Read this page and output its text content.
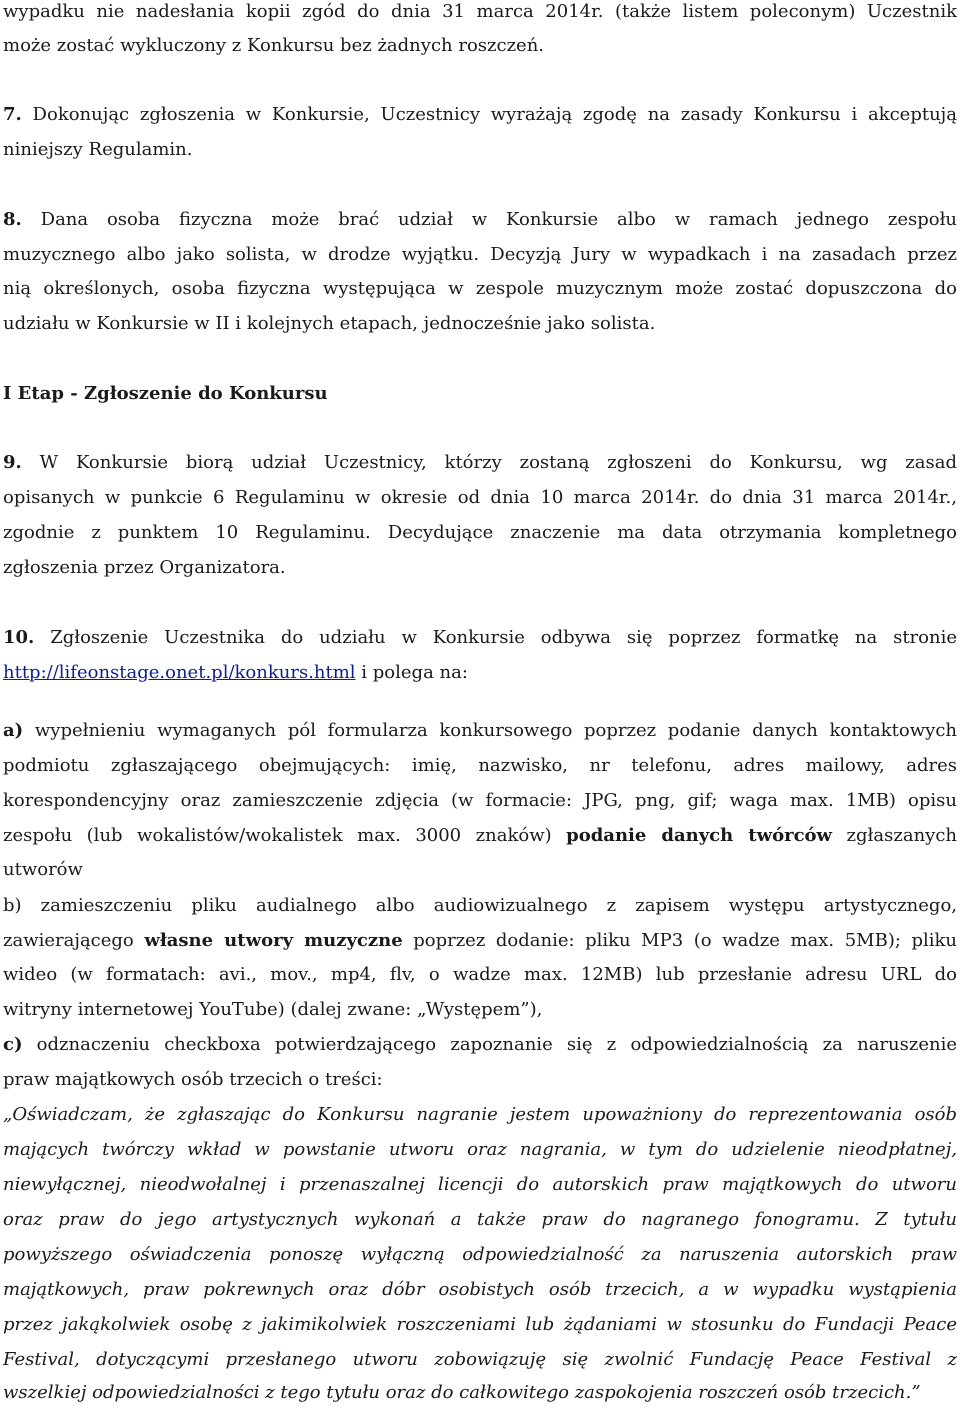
wypadku nie nadesłania kopii zgód do dnia 31 marca 2014r. (także listem poleconym) Uczestnik
może zostać wykluczony z Konkursu bez żadnych roszczeń.
7. Dokonując zgłoszenia w Konkursie, Uczestnicy wyrażają zgodę na zasady Konkursu i akceptują
niniejszy Regulamin.
8. Dana osoba fizyczna może brać udział w Konkursie albo w ramach jednego zespołu
muzycznego albo jako solista, w drodze wyjątku. Decyzją Jury w wypadkach i na zasadach przez
nią określonych, osoba fizyczna występująca w zespole muzycznym może zostać dopuszczona do
udziału w Konkursie w II i kolejnych etapach, jednocześnie jako solista.
I Etap - Zgłoszenie do Konkursu
9. W Konkursie biorą udział Uczestnicy, którzy zostaną zgłoszeni do Konkursu, wg zasad
opisanych w punkcie 6 Regulaminu w okresie od dnia 10 marca 2014r. do dnia 31 marca 2014r.,
zgodnie z punktem 10 Regulaminu. Decydujące znaczenie ma data otrzymania kompletnego
zgłoszenia przez Organizatora.
10. Zgłoszenie Uczestnika do udziału w Konkursie odbywa się poprzez formatkę na stronie
http://lifeonstage.onet.pl/konkurs.html i polega na:
a) wypełnieniu wymaganych pól formularza konkursowego poprzez podanie danych kontaktowych
podmiotu zgłaszającego obejmujących: imię, nazwisko, nr telefonu, adres mailowy, adres
korespondencyjny oraz zamieszczenie zdjęcia (w formacie: JPG, png, gif; waga max. 1MB) opisu
zespołu (lub wokalistów/wokalistek max. 3000 znaków) podanie danych twórców zgłaszanych
utworów
b) zamieszczeniu pliku audialnego albo audiowizualnego z zapisem występu artystycznego,
zawierającego własne utwory muzyczne poprzez dodanie: pliku MP3 (o wadze max. 5MB); pliku
wideo (w formatach: avi., mov., mp4, flv, o wadze max. 12MB) lub przesłanie adresu URL do
witryny internetowej YouTube) (dalej zwane: „Występem”),
c) odznaczeniu checkboxa potwierdzającego zapoznanie się z odpowiedzialnością za naruszenie
praw majątkowych osób trzecich o treści:
„Oświadczam, że zgłaszając do Konkursu nagranie jestem upoważniony do reprezentowania osób
mających twórczy wkład w powstanie utworu oraz nagrania, w tym do udzielenie nieodpłatnej,
niewyłącznej, nieodwołalnej i przenaszalnej licencji do autorskich praw majątkowych do utworu
oraz praw do jego artystycznych wykonań a także praw do nagranego fonogramu. Z tytułu
powyższego oświadczenia ponoszę wyłączną odpowiedzialność za naruszenia autorskich praw
majątkowych, praw pokrewnych oraz dóbr osobistych osób trzecich, a w wypadku wystąpienia
przez jakąkolwiek osobę z jakimikolwiek roszczeniami lub żądaniami w stosunku do Fundacji Peace
Festival, dotyczącymi przesłanego utworu zobowiązuję się zwolnić Fundację Peace Festival z
wszelkiej odpowiedzialności z tego tytułu oraz do całkowitego zaspokojenia roszczeń osób trzecich.”
